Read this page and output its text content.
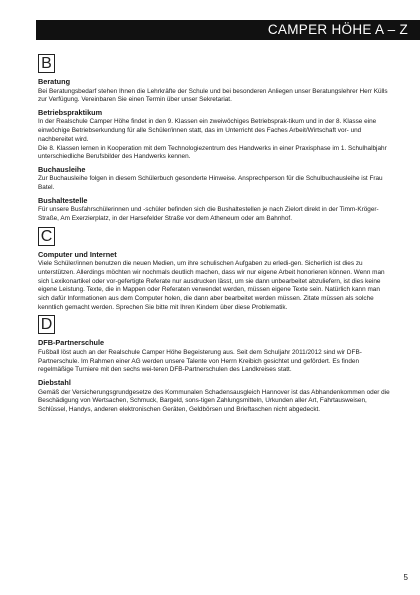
CAMPER HÖHE A – Z
B
Beratung

Bei Beratungsbedarf stehen Ihnen die Lehrkräfte der Schule und bei besonderen Anliegen unser Beratungslehrer Herr Külls zur Verfügung. Vereinbaren Sie einen Termin über unser Sekretariat.

Betriebspraktikum

In der Realschule Camper Höhe findet in den 9. Klassen ein zweiwöchiges Betriebsprak-tikum und in der 8. Klasse eine einwöchige Betriebserkundung für alle Schüler/innen statt, das im Unterricht des Faches Arbeit/Wirtschaft vor- und nachbereitet wird.

Die 8. Klassen lernen in Kooperation mit dem Technologiezentrum des Handwerks in einer Praxisphase im 1. Schulhalbjahr unterschiedliche Berufsbilder des Handwerks kennen.

Buchausleihe

Zur Buchausleihe folgen in diesem Schülerbuch gesonderte Hinweise. Ansprechperson für die Schulbuchausleihe ist Frau Batel.

Bushaltestelle

Für unsere Busfahrschülerinnen und -schüler befinden sich die Bushaltestellen je nach Zielort direkt in der Timm-Kröger-Straße, Am Exerzierplatz, in der Harsefelder Straße vor dem Atheneum oder am Bahnhof.

C
Computer und Internet

Viele Schüler/innen benutzen die neuen Medien, um ihre schulischen Aufgaben zu erledi-gen. Sicherlich ist dies zu unterstützen. Allerdings möchten wir nochmals deutlich machen, dass wir nur eigene Arbeit honorieren können. Wenn man sich Lexikonartikel oder vor-gefertigte Referate nur ausdrucken lässt, um sie dann unbearbeitet abzuliefern, ist dies keine eigene Leistung. Texte, die in Mappen oder Referaten verwendet werden, müssen eigene Texte sein. Natürlich kann man sich dafür Informationen aus dem Computer holen, die dann aber bearbeitet werden müssen. Zitate müssen als solche kenntlich gemacht werden. Sprechen Sie bitte mit Ihren Kindern über diese Problematik.

D
DFB-Partnerschule

Fußball löst auch an der Realschule Camper Höhe Begeisterung aus. Seit dem Schuljahr 2011/2012 sind wir DFB-Partnerschule. Im Rahmen einer AG werden unsere Talente von Herrn Kreibich gesichtet und gefördert. Es finden regelmäßige Turniere mit den sechs wei-teren DFB-Partnerschulen des Landkreises statt.

Diebstahl

Gemäß der Versicherungsgrundgesetze des Kommunalen Schadensausgleich Hannover ist das Abhandenkommen oder die Beschädigung von Wertsachen, Schmuck, Bargeld, sons-tigen Zahlungsmitteln, Urkunden aller Art, Fahrtausweisen, Schlüssel, Handys, anderen elektronischen Geräten, Geldbörsen und Brieftaschen nicht abgedeckt.

5
